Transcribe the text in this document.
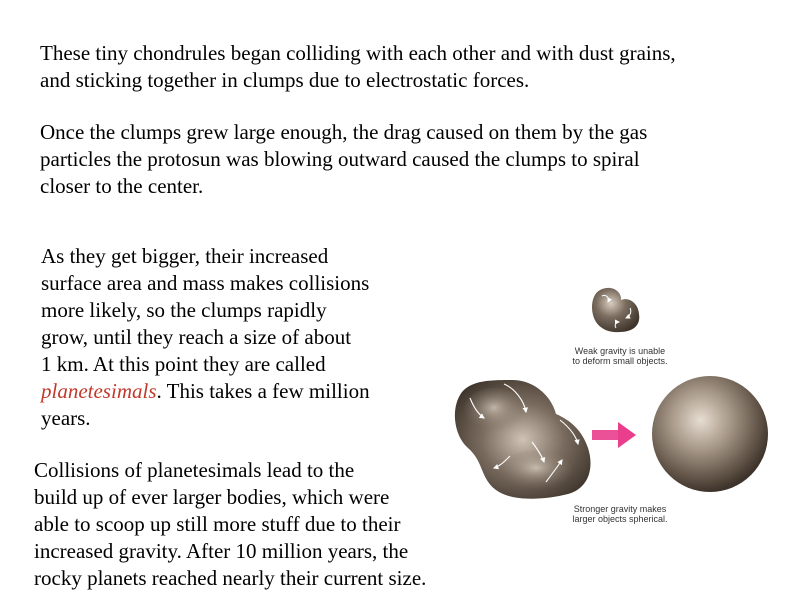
These tiny chondrules began colliding with each other and with dust grains,
and sticking together in clumps due to electrostatic forces.
Once the clumps grew large enough, the drag caused on them by the gas
particles the protosun was blowing outward caused the clumps to spiral
closer to the center.
As they get bigger, their increased
surface area and mass makes collisions
more likely, so the clumps rapidly
grow, until they reach a size of about
1 km. At this point they are called
planetesimals. This takes a few million
years.
Collisions of planetesimals lead to the
build up of ever larger bodies, which were
able to scoop up still more stuff due to their
increased gravity. After 10 million years, the
rocky planets reached nearly their current size.
Weak gravity is unable
to deform small objects.
Stronger gravity makes
larger objects spherical.
